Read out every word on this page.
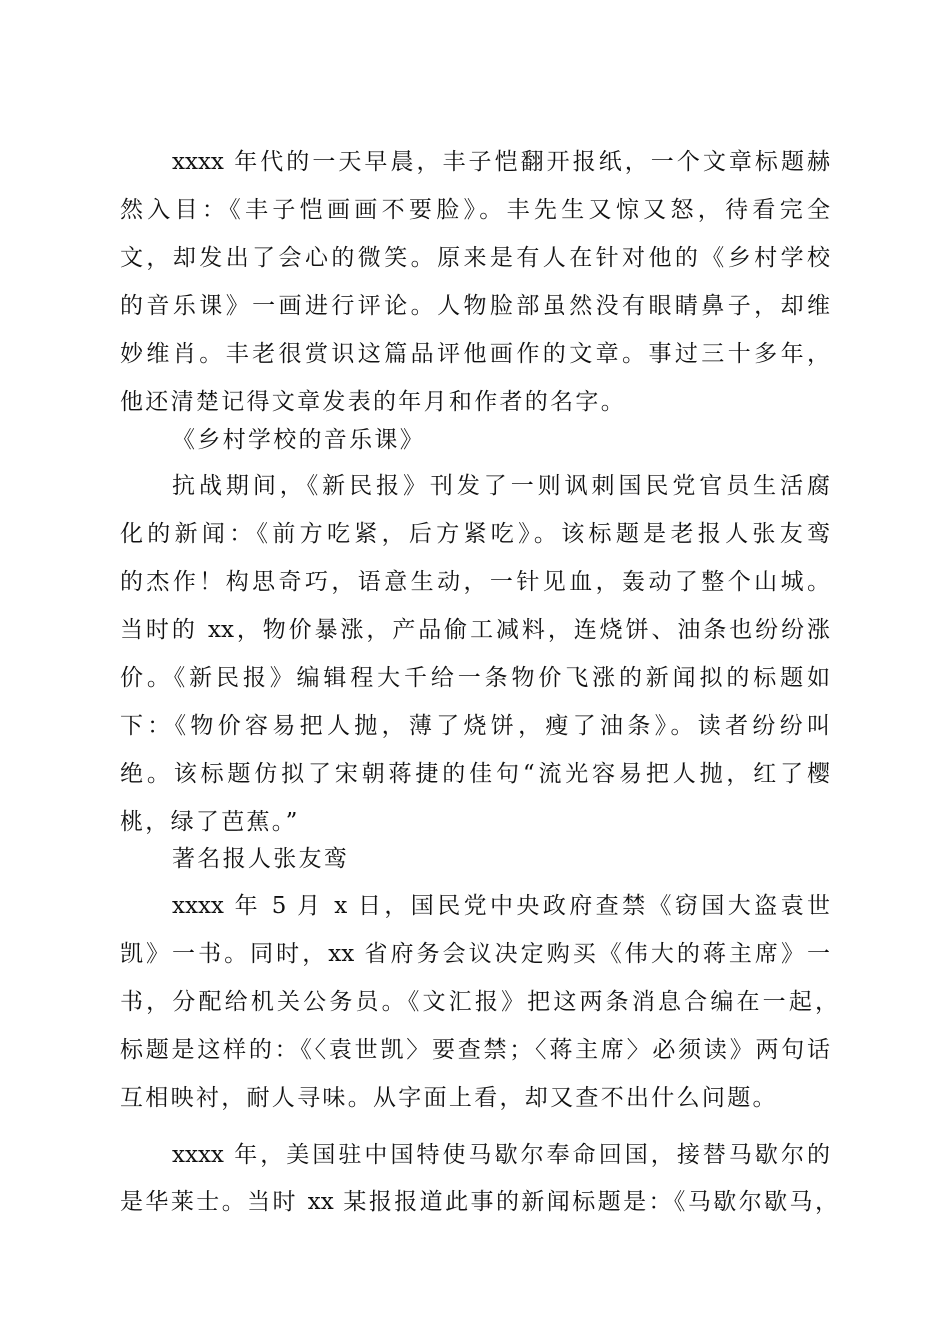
xxxx 年代的一天早晨，丰子恺翻开报纸，一个文章标题赫
然入目：《丰子恺画画不要脸》。丰先生又惊又怒，待看完全
文，却发出了会心的微笑。原来是有人在针对他的《乡村学校
的音乐课》一画进行评论。人物脸部虽然没有眼睛鼻子，却维
妙维肖。丰老很赏识这篇品评他画作的文章。事过三十多年，
他还清楚记得文章发表的年月和作者的名字。
《乡村学校的音乐课》
抗战期间，《新民报》刊发了一则讽刺国民党官员生活腐
化的新闻：《前方吃紧，后方紧吃》。该标题是老报人张友鸾
的杰作！构思奇巧，语意生动，一针见血，轰动了整个山城。
当时的 xx，物价暴涨，产品偷工减料，连烧饼、油条也纷纷涨
价。《新民报》编辑程大千给一条物价飞涨的新闻拟的标题如
下：《物价容易把人抛，薄了烧饼，瘦了油条》。读者纷纷叫
绝。该标题仿拟了宋朝蒋捷的佳句“流光容易把人抛，红了樱
桃，绿了芭蕉。”
著名报人张友鸾
xxxx 年 5 月 x 日，国民党中央政府查禁《窃国大盗袁世
凯》一书。同时，xx 省府务会议决定购买《伟大的蒋主席》一
书，分配给机关公务员。《文汇报》把这两条消息合编在一起，
标题是这样的：《〈袁世凯〉要查禁；〈蒋主席〉必须读》两句话
互相映衬，耐人寻味。从字面上看，却又查不出什么问题。
xxxx 年，美国驻中国特使马歇尔奉命回国，接替马歇尔的
是华莱士。当时 xx 某报报道此事的新闻标题是：《马歇尔歇马，
